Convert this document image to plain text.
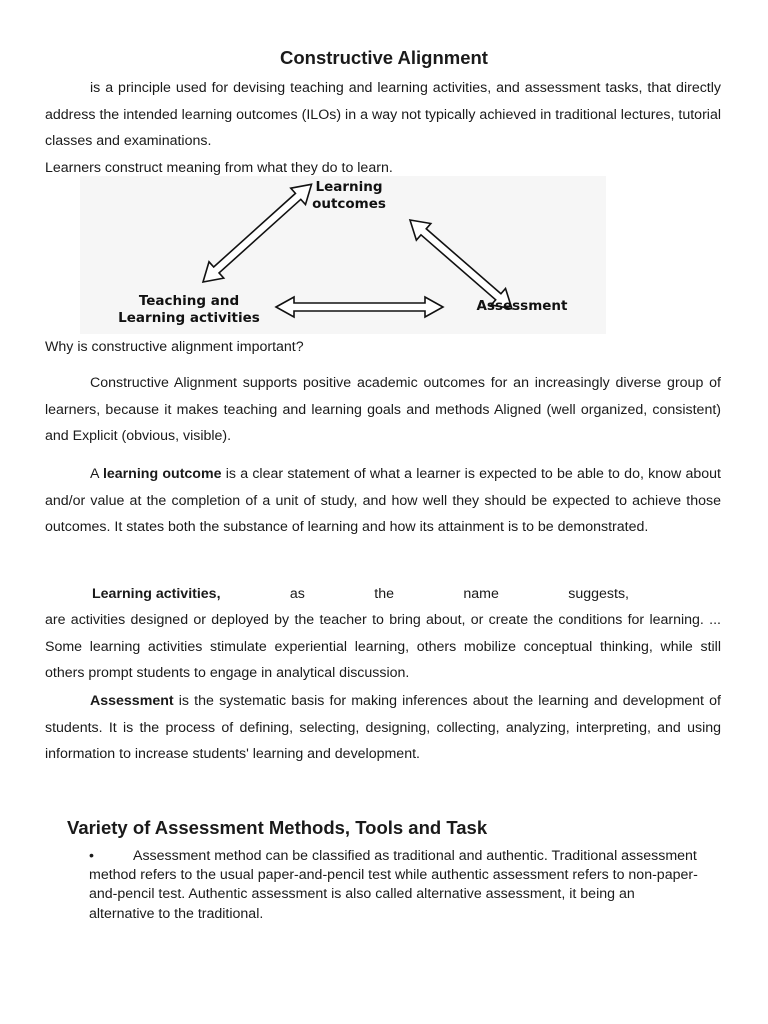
Constructive Alignment

is a principle used for devising teaching and learning activities, and assessment tasks, that directly address the intended learning outcomes (ILOs) in a way not typically achieved in traditional lectures, tutorial classes and examinations.

Learners construct meaning from what they do to learn.

Learning
outcomes
Teaching and
Learning activities
Assessment

Why is constructive alignment important?

Constructive Alignment supports positive academic outcomes for an increasingly diverse group of learners, because it makes teaching and learning goals and methods Aligned (well organized, consistent) and Explicit (obvious, visible).

A learning outcome is a clear statement of what a learner is expected to be able to do, know about and/or value at the completion of a unit of study, and how well they should be expected to achieve those outcomes. It states both the substance of learning and how its attainment is to be demonstrated.

Learning activities,	as	the	name	suggests,
are activities designed or deployed by the teacher to bring about, or create the conditions for learning. ... Some learning activities stimulate experiential learning, others mobilize conceptual thinking, while still others prompt students to engage in analytical discussion.

Assessment is the systematic basis for making inferences about the learning and development of students. It is the process of defining, selecting, designing, collecting, analyzing, interpreting, and using information to increase students' learning and development.

Variety of Assessment Methods, Tools and Task

•	Assessment method can be classified as traditional and authentic. Traditional assessment method refers to the usual paper-and-pencil test while authentic assessment refers to non-paper-and-pencil test. Authentic assessment is also called alternative assessment, it being an alternative to the traditional.
